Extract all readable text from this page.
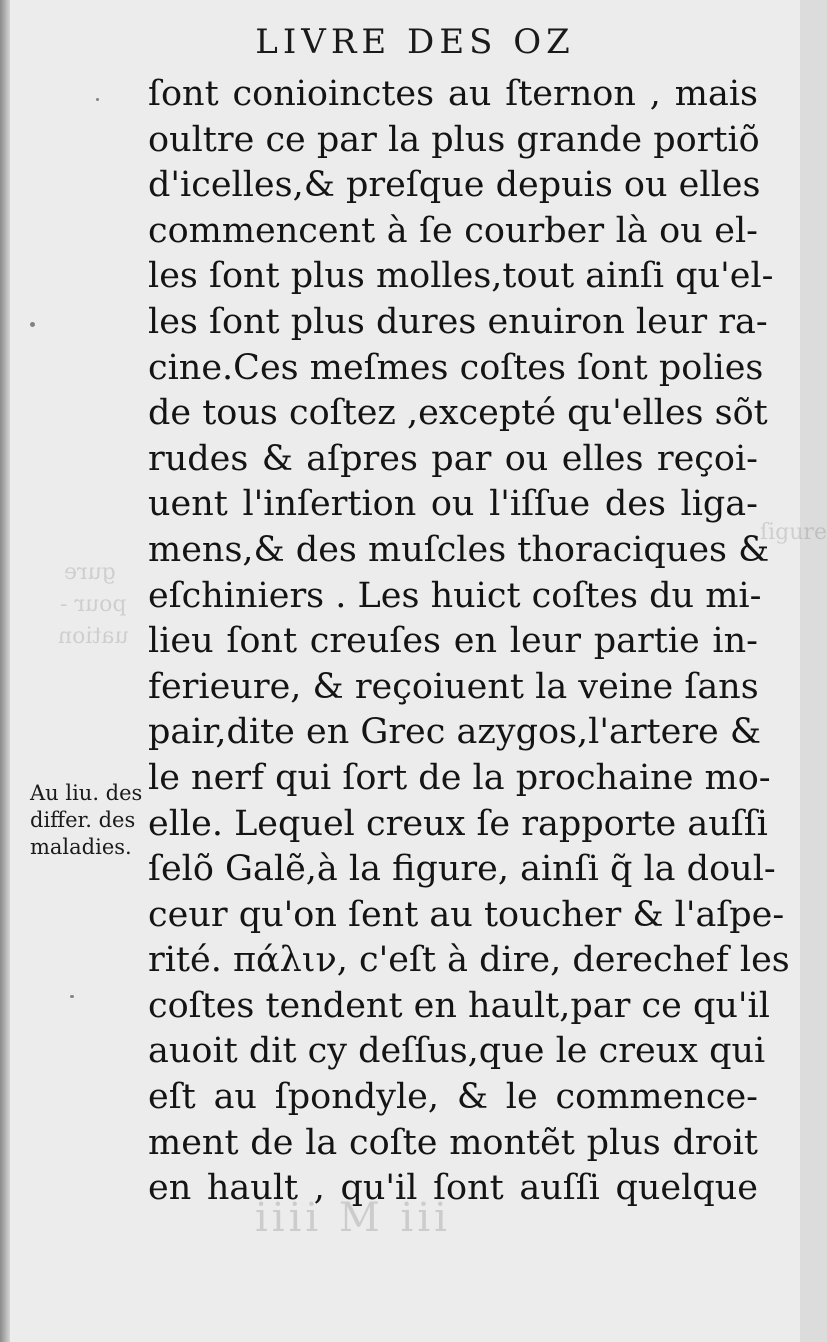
gure
pour -
uation
ſigure
LIVRE DES OZ
ſont conioinctes au ſternon , mais
oultre ce par la plus grande portiõ
d'icelles,& preſque depuis ou elles
commencent à ſe courber là ou el-
les ſont plus molles,tout ainſi qu'el-
les ſont plus dures enuiron leur ra-
cine.Ces meſmes coſtes ſont polies
de tous coſtez ,excepté qu'elles sõt
rudes & aſpres par ou elles reçoi-
uent l'inſertion ou l'iſſue des liga-
mens,& des muſcles thoraciques &
eſchiniers . Les huict coſtes du mi-
lieu ſont creuſes en leur partie in-
ferieure, & reçoiuent la veine ſans
pair,dite en Grec azygos,l'artere &
le nerf qui ſort de la prochaine mo-
elle. Lequel creux ſe rapporte auſſi
ſelõ Galẽ,à la figure, ainſi q̃ la doul-
ceur qu'on ſent au toucher & l'aſpe-
rité. πάλιν, c'eſt à dire, derechef les
coſtes tendent en hault,par ce qu'il
auoit dit cy deſſus,que le creux qui
eſt au ſpondyle, & le commence-
ment de la coſte montẽt plus droit
en hault , qu'il ſont auſſi quelque
Au liu. des
differ. des
maladies.
iiii M iii
